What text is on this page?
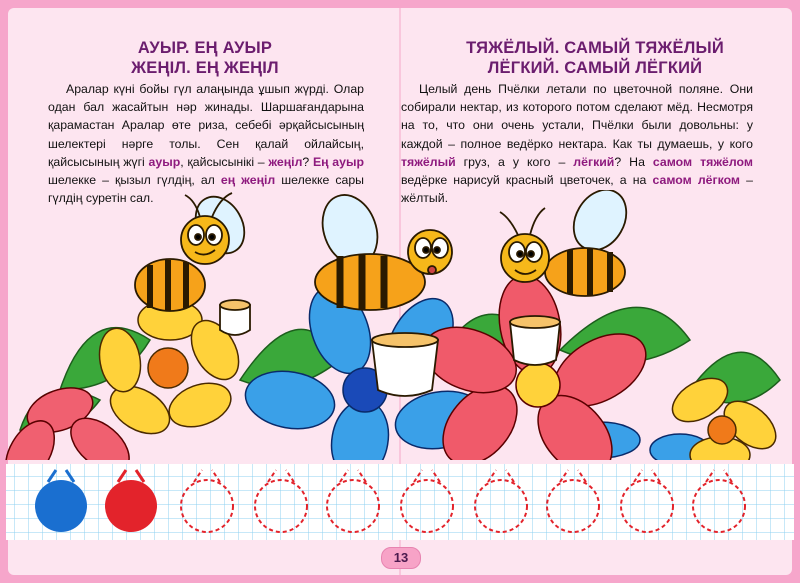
АУЫР. ЕҢ АУЫР
ЖЕҢІЛ. ЕҢ ЖЕҢІЛ
ТЯЖЁЛЫЙ. САМЫЙ ТЯЖЁЛЫЙ
ЛЁГКИЙ. САМЫЙ ЛЁГКИЙ
Аралар күні бойы гүл алаңында ұшып жүрді. Олар одан бал жасайтын нәр жинады. Шаршағандарына қарамастан Аралар өте риза, себебі әрқайсысының шелектері нәрге толы. Сен қалай ойлайсың, қайсысының жүгі ауыр, қайсысынікі – жеңіл? Ең ауыр шелекке – қызыл гүлдің, ал ең жеңіл шелекке сары гүлдің суретін сал.
Целый день Пчёлки летали по цветочной поляне. Они собирали нектар, из которого потом сделают мёд. Несмотря на то, что они очень устали, Пчёлки были довольны: у каждой – полное ведёрко нектара. Как ты думаешь, у кого тяжёлый груз, а у кого – лёгкий? На самом тяжёлом ведёрке нарисуй красный цветочек, а на самом лёгком – жёлтый.
13
